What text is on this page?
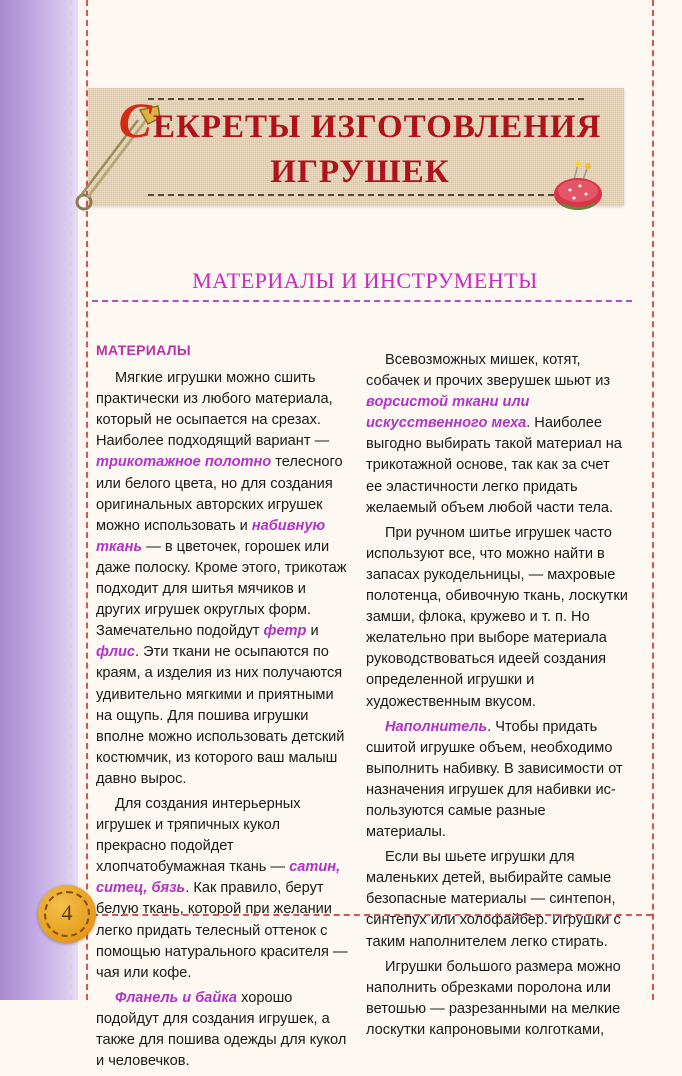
СЕКРЕТЫ ИЗГОТОВЛЕНИЯ
ИГРУШЕК
МАТЕРИАЛЫ И ИНСТРУМЕНТЫ
МАТЕРИАЛЫ

Мягкие игрушки можно сшить практически из любого материала, который не осыпается на срезах. Наиболее подходящий вариант — трикотажное полотно телесного или белого цвета, но для создания оригинальных авторских игрушек можно использовать и набивную ткань — в цветочек, горошек или даже полоску. Кроме этого, трикотаж подходит для шитья мячиков и других игрушек округлых форм. Замечательно подойдут фетр и флис. Эти ткани не осыпаются по краям, а изделия из них получаются удивительно мягкими и приятными на ощупь. Для пошива игрушки вполне можно использовать детский костюмчик, из которого ваш малыш давно вырос.

Для создания интерьерных игрушек и тряпичных кукол прекрасно подойдет хлопчатобумажная ткань — сатин, ситец, бязь. Как правило, берут белую ткань, которой при желании легко придать телесный оттенок с помощью натурального красителя — чая или кофе.

Фланель и байка хорошо подойдут для создания игрушек, а также для пошива одежды для кукол и человечков.

Всевозможных мишек, котят, собачек и прочих зверушек шьют из ворсистой ткани или искусственного меха. Наиболее выгодно выбирать такой материал на трикотажной основе, так как за счет ее эластичности легко придать желаемый объем любой части тела.

При ручном шитье игрушек часто используют все, что можно найти в запасах рукодельницы, — махровые полотенца, обивочную ткань, лоскутки замши, флока, кружево и т. п. Но желательно при выборе материала руководствоваться идеей создания определенной игрушки и художественным вкусом.

Наполнитель. Чтобы придать сшитой игрушке объем, необходимо выполнить набивку. В зависимости от назначения игрушек для набивки используются самые разные материалы.

Если вы шьете игрушки для маленьких детей, выбирайте самые безопасные материалы — синтепон, синтепух или холофайбер. Игрушки с таким наполнителем легко стирать.

Игрушки большого размера можно наполнить обрезками поролона или ветошью — разрезанными на мелкие лоскутки капроновыми колготками,

4
